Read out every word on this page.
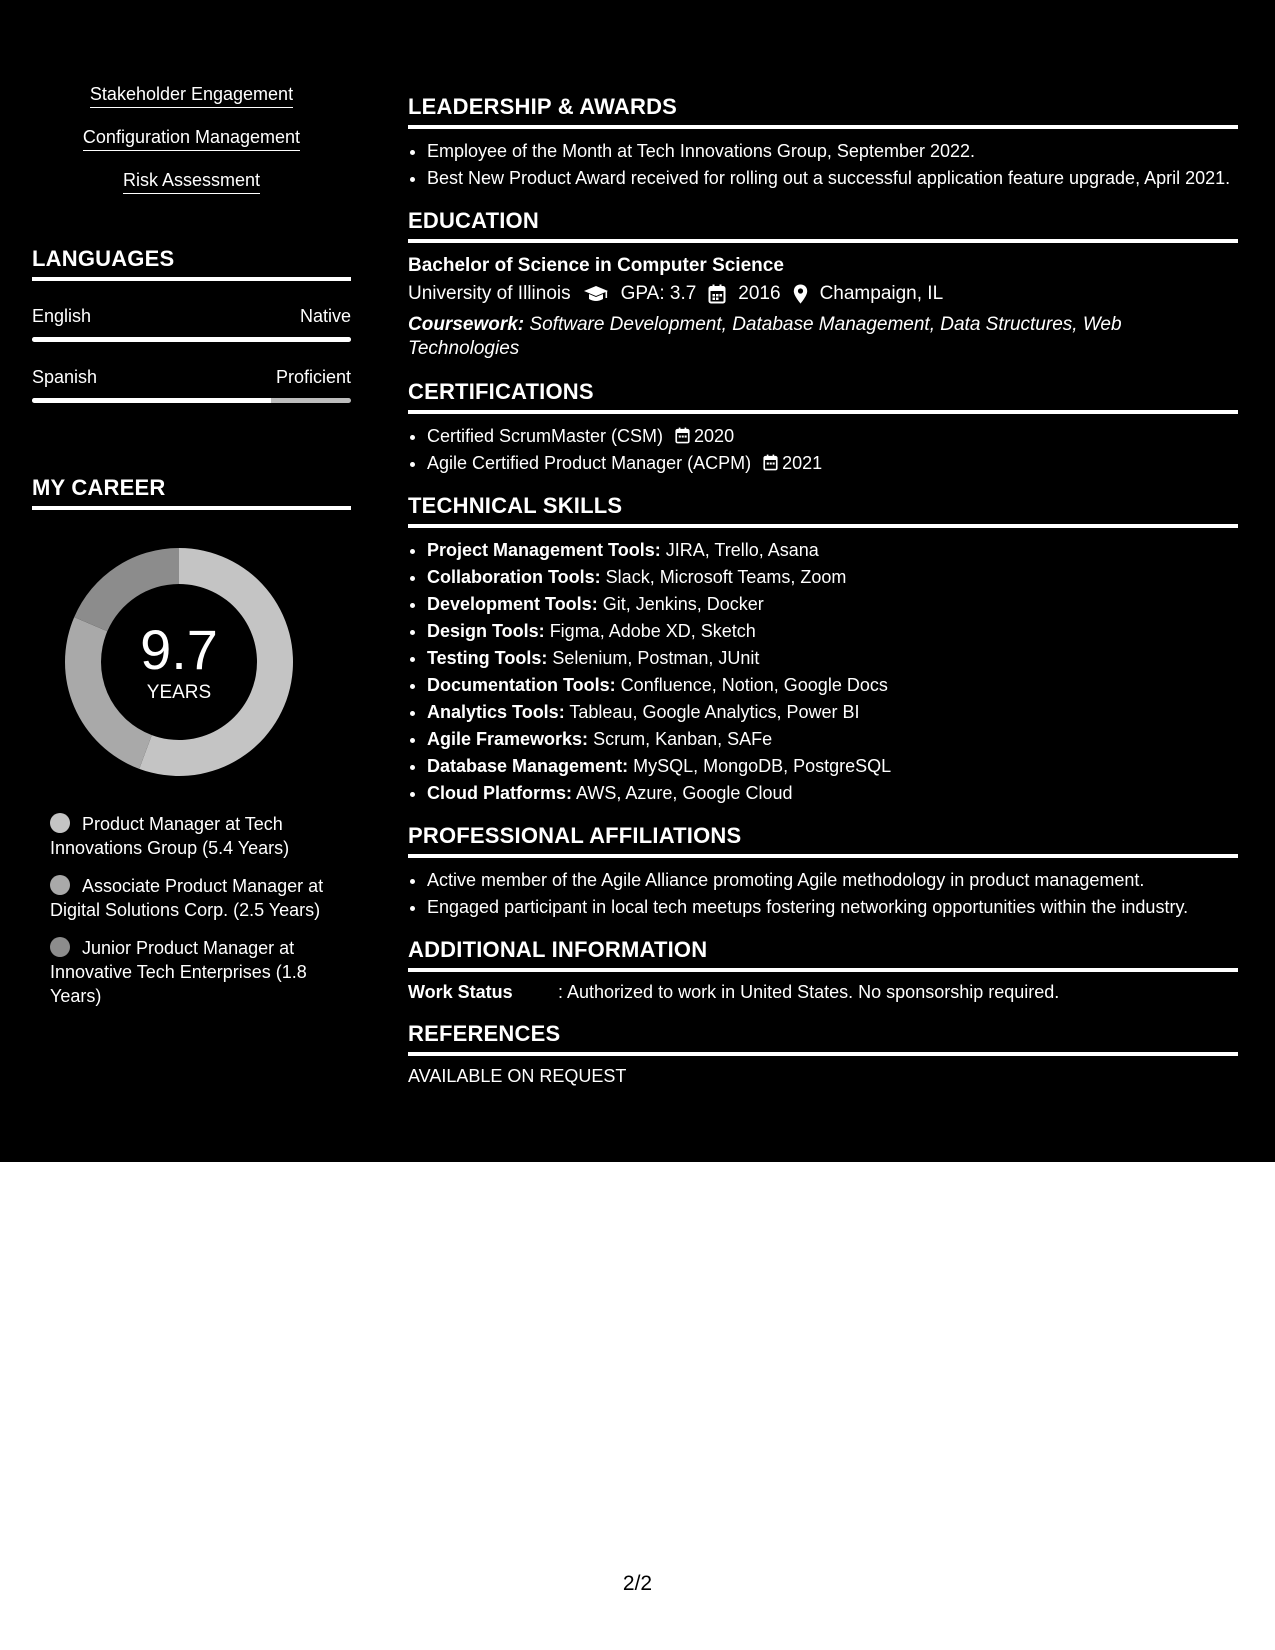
Stakeholder Engagement
Configuration Management
Risk Assessment
LANGUAGES
English	Native
Spanish	Proficient
MY CAREER
9.7
YEARS
Product Manager at Tech Innovations Group (5.4 Years)
Associate Product Manager at Digital Solutions Corp. (2.5 Years)
Junior Product Manager at Innovative Tech Enterprises (1.8 Years)
LEADERSHIP & AWARDS
• Employee of the Month at Tech Innovations Group, September 2022.
• Best New Product Award received for rolling out a successful application feature upgrade, April 2021.
EDUCATION
Bachelor of Science in Computer Science
University of Illinois	GPA: 3.7 2016 Champaign, IL
Coursework: Software Development, Database Management, Data Structures, Web Technologies
CERTIFICATIONS
• Certified ScrumMaster (CSM) 2020
• Agile Certified Product Manager (ACPM) 2021
TECHNICAL SKILLS
• Project Management Tools: JIRA, Trello, Asana
• Collaboration Tools: Slack, Microsoft Teams, Zoom
• Development Tools: Git, Jenkins, Docker
• Design Tools: Figma, Adobe XD, Sketch
• Testing Tools: Selenium, Postman, JUnit
• Documentation Tools: Confluence, Notion, Google Docs
• Analytics Tools: Tableau, Google Analytics, Power BI
• Agile Frameworks: Scrum, Kanban, SAFe
• Database Management: MySQL, MongoDB, PostgreSQL
• Cloud Platforms: AWS, Azure, Google Cloud
PROFESSIONAL AFFILIATIONS
• Active member of the Agile Alliance promoting Agile methodology in product management.
• Engaged participant in local tech meetups fostering networking opportunities within the industry.
ADDITIONAL INFORMATION
Work Status	: Authorized to work in United States. No sponsorship required.
REFERENCES
AVAILABLE ON REQUEST
2/2
